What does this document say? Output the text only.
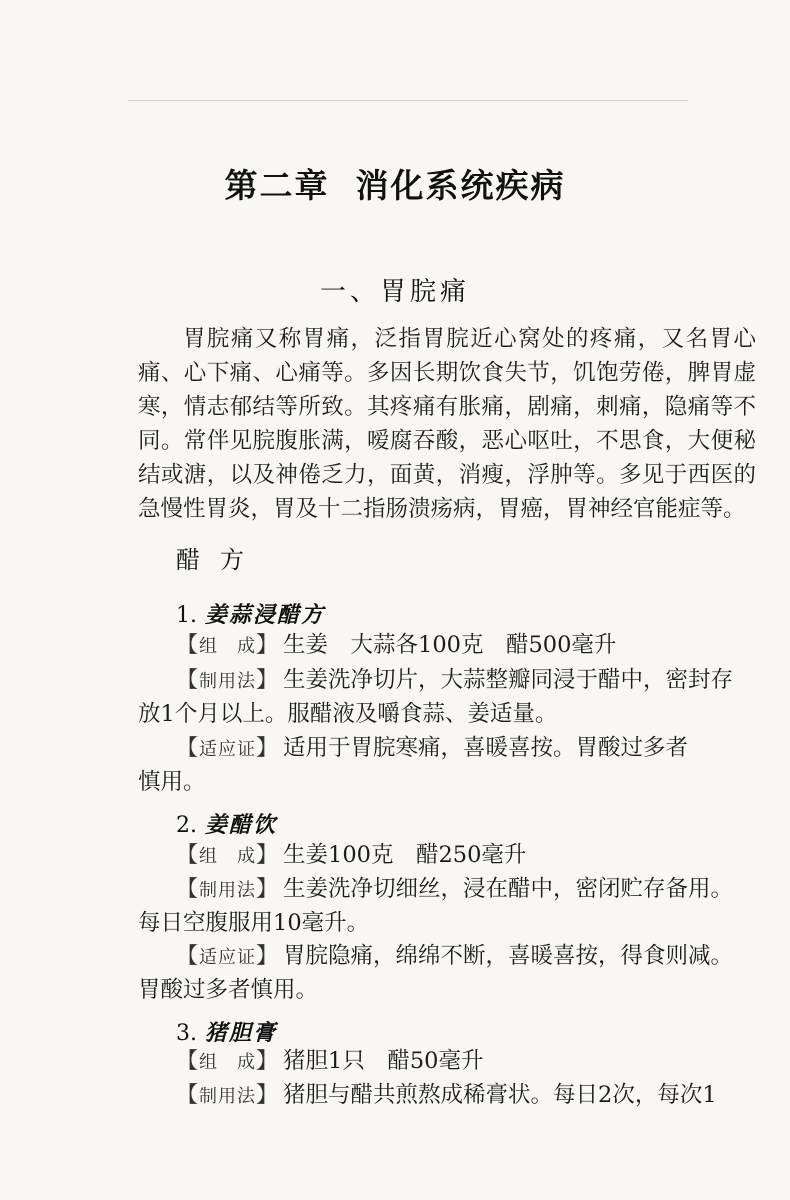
第二章 消化系统疾病
一、胃脘痛

胃脘痛又称胃痛，泛指胃脘近心窝处的疼痛，又名胃心痛、心下痛、心痛等。多因长期饮食失节，饥饱劳倦，脾胃虚寒，情志郁结等所致。其疼痛有胀痛，剧痛，刺痛，隐痛等不同。常伴见脘腹胀满，嗳腐吞酸，恶心呕吐，不思食，大便秘结或溏，以及神倦乏力，面黄，消瘦，浮肿等。多见于西医的急慢性胃炎，胃及十二指肠溃疡病，胃癌，胃神经官能症等。

醋方
1. 姜蒜浸醋方
【组　成】 生姜　大蒜各100克　醋500毫升
【制用法】 生姜洗净切片，大蒜整瓣同浸于醋中，密封存
放1个月以上。服醋液及嚼食蒜、姜适量。
【适应证】 适用于胃脘寒痛，喜暖喜按。胃酸过多者
慎用。
2. 姜醋饮
【组　成】 生姜100克　醋250毫升
【制用法】 生姜洗净切细丝，浸在醋中，密闭贮存备用。
每日空腹服用10毫升。
【适应证】 胃脘隐痛，绵绵不断，喜暖喜按，得食则减。
胃酸过多者慎用。
3. 猪胆膏
【组　成】 猪胆1只　醋50毫升
【制用法】 猪胆与醋共煎熬成稀膏状。每日2次，每次1
